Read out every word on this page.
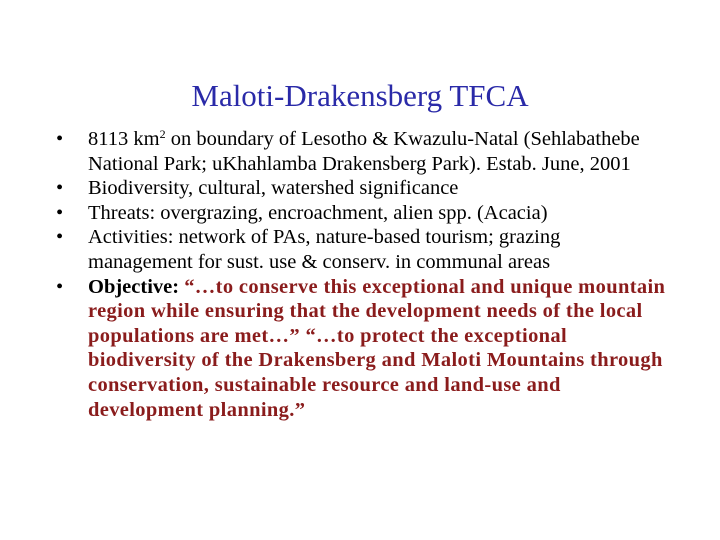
Maloti-Drakensberg TFCA
•	8113 $km^2$ on boundary of Lesotho & Kwazulu-Natal (Sehlabathebe National Park; uKhahlamba Drakensberg Park). Estab. June, 2001
•	Biodiversity, cultural, watershed significance
•	Threats: overgrazing, encroachment, alien spp. (Acacia)
•	Activities: network of PAs, nature-based tourism; grazing management for sust. use & conserv. in communal areas
•	Objective: “…to conserve this exceptional and unique mountain region while ensuring that the development needs of the local populations are met…” “…to protect the exceptional biodiversity of the Drakensberg and Maloti Mountains through conservation, sustainable resource and land-use and development planning.”
